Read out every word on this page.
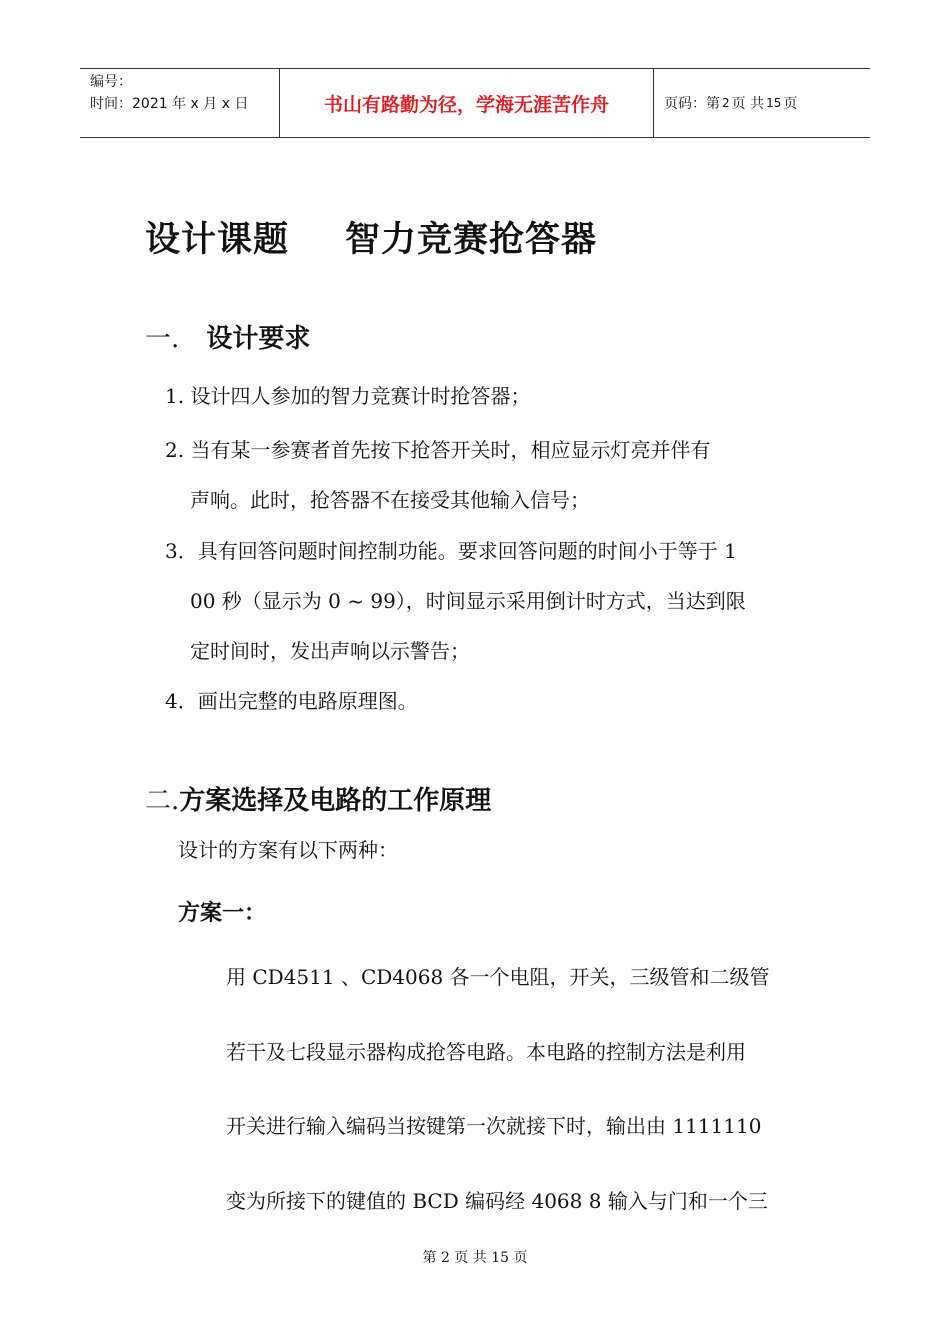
编号：
时间：2021 年 x 月 x 日	书山有路勤为径，学海无涯苦作舟	页码：第 2 页 共 15 页
设计课题 智力竞赛抢答器
一. 设计要求
1. 设计四人参加的智力竞赛计时抢答器；
2. 当有某一参赛者首先按下抢答开关时，相应显示灯亮并伴有
声响。此时，抢答器不在接受其他输入信号；
3．具有回答问题时间控制功能。要求回答问题的时间小于等于 1
00 秒（显示为 0 ~ 99），时间显示采用倒计时方式，当达到限
定时间时，发出声响以示警告；
4．画出完整的电路原理图。
二.方案选择及电路的工作原理
设计的方案有以下两种：
方案一：
用 CD4511 、CD4068 各一个电阻，开关，三级管和二级管
若干及七段显示器构成抢答电路。本电路的控制方法是利用
开关进行输入编码当按键第一次就接下时，输出由 1111110
变为所接下的键值的 BCD 编码经 4068 8 输入与门和一个三
第 2 页 共 15 页
